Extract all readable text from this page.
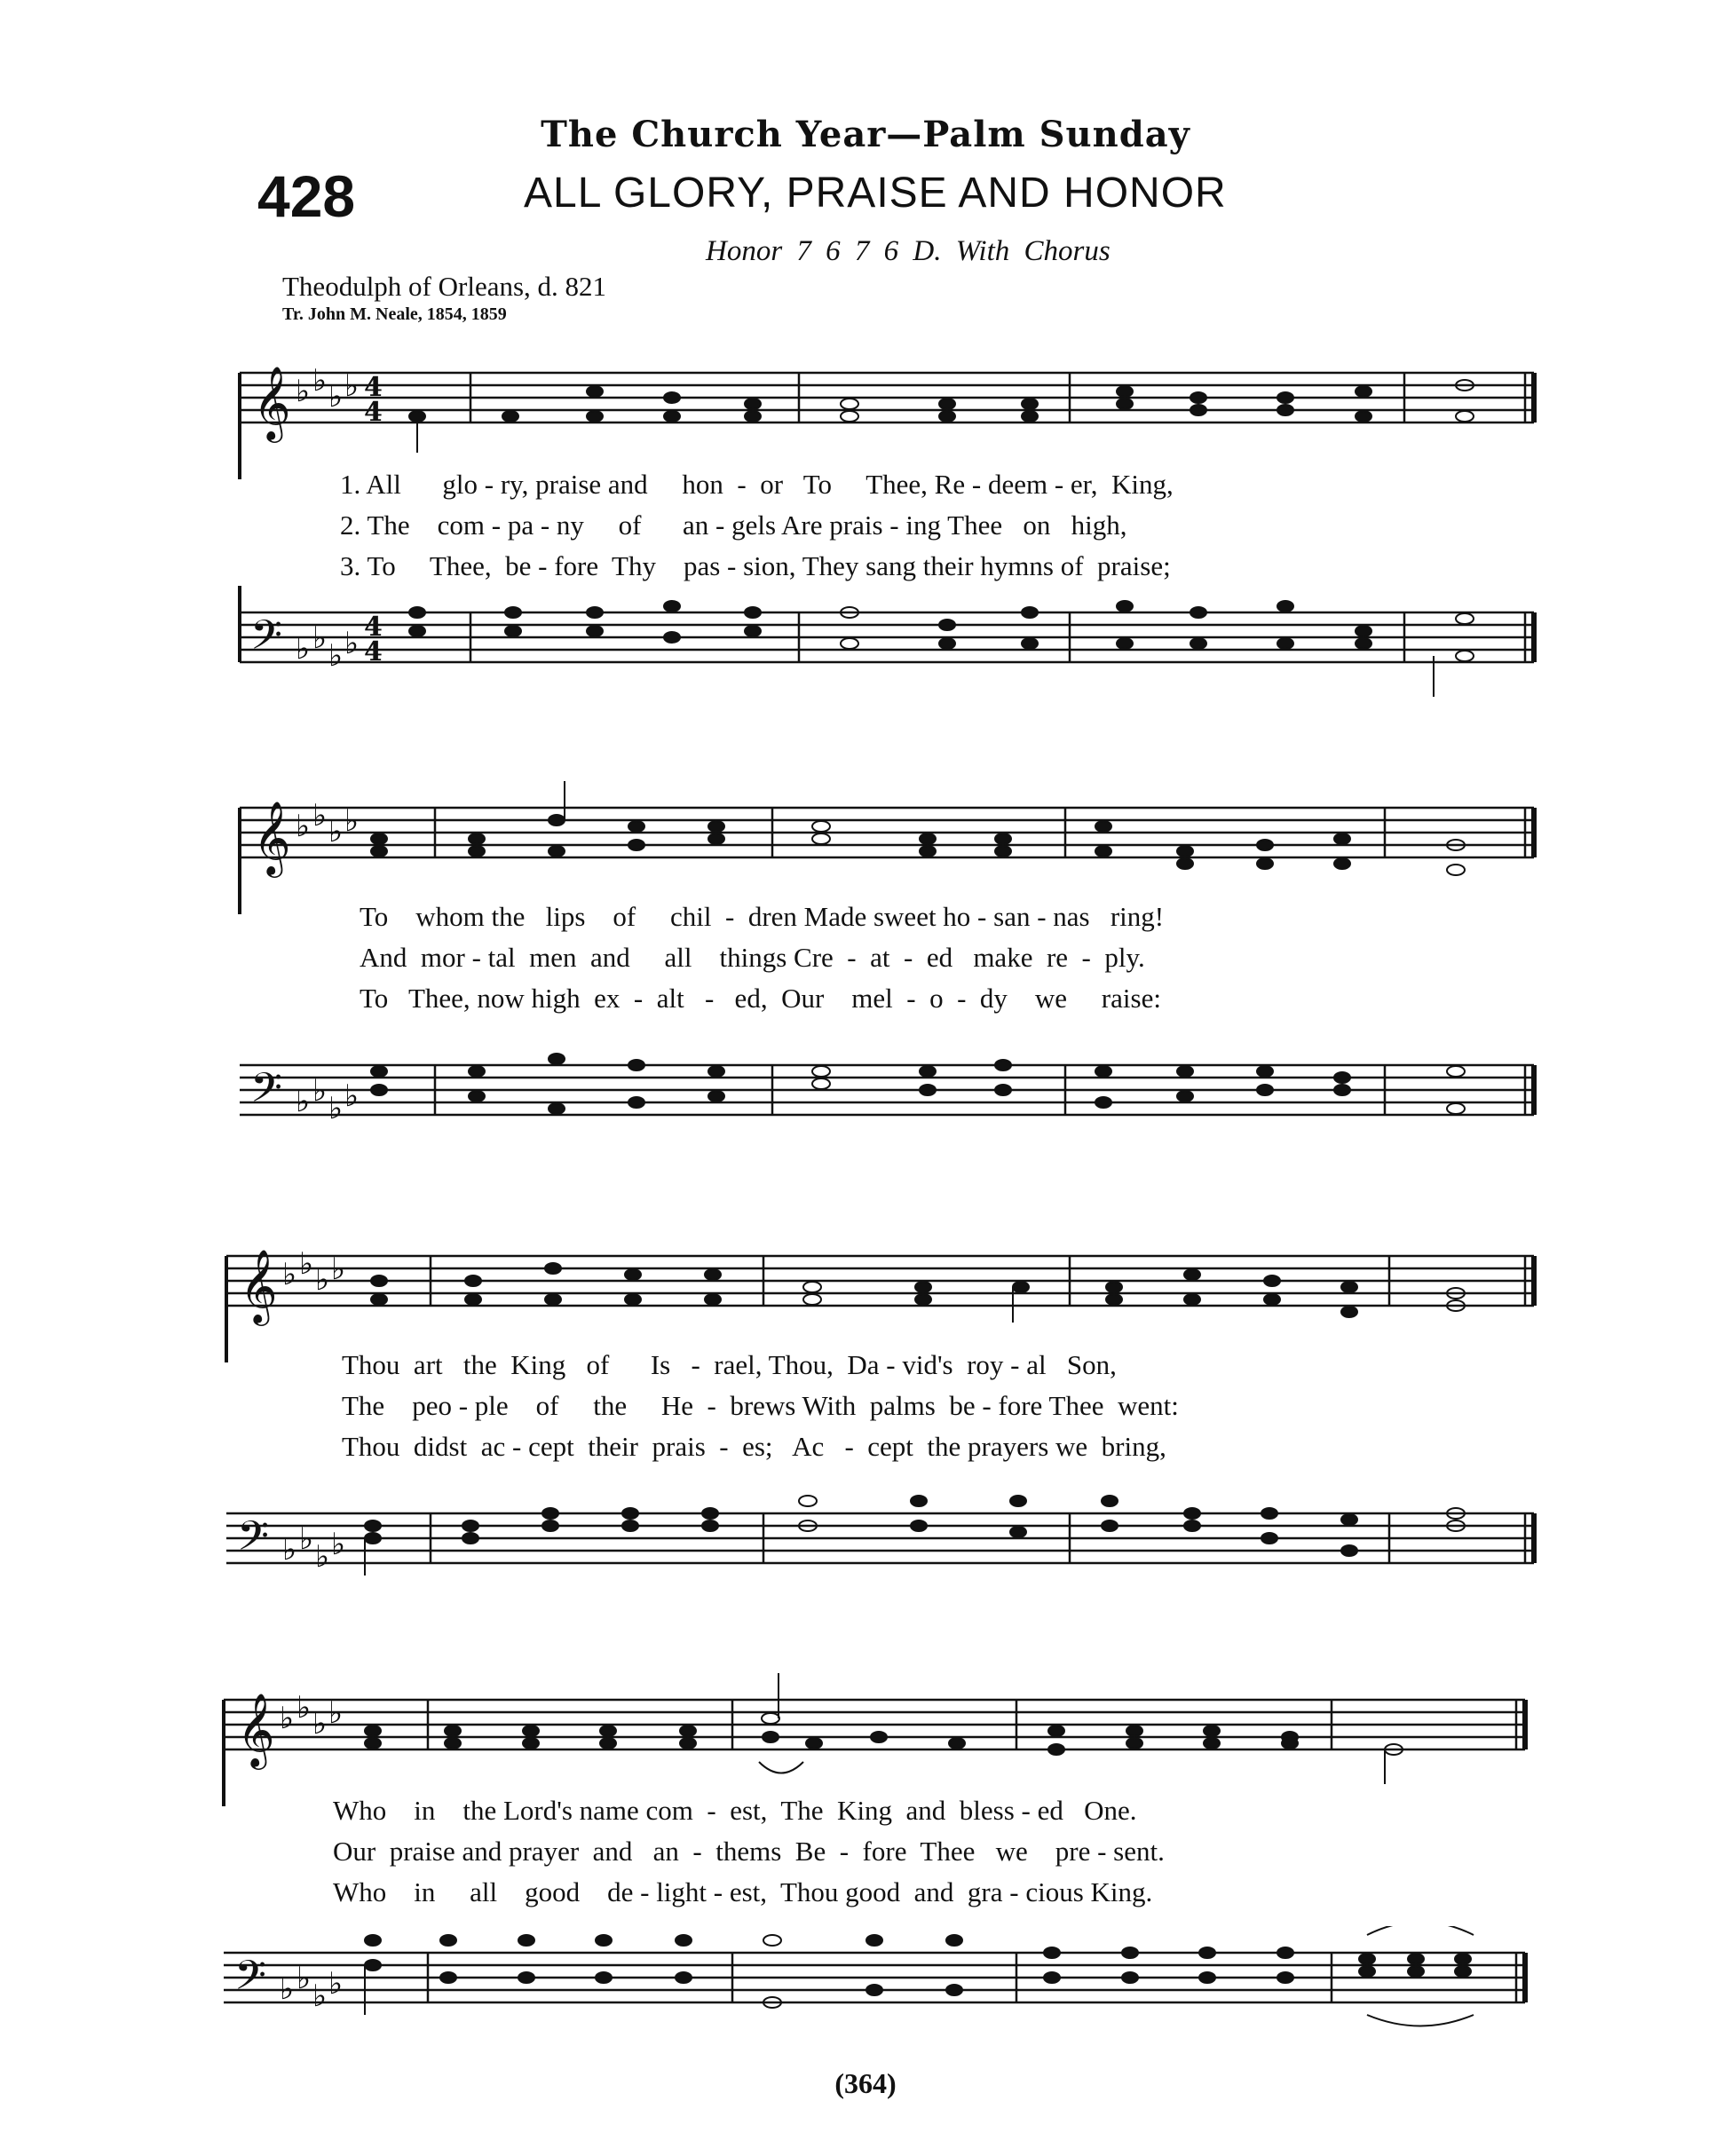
The Church Year—Palm Sunday
428	ALL GLORY, PRAISE AND HONOR
Honor 7 6 7 6 D. With Chorus
Theodulph of Orleans, d. 821
Tr. John M. Neale, 1854, 1859
𝄞 ♭ ♭ ♭ ♭ 4
4
1. All      glo - ry, praise and     hon  -  or   To     Thee, Re - deem - er,  King,
2. The    com - pa - ny     of      an - gels Are prais - ing Thee   on   high,
3. To     Thee,  be - fore  Thy    pas - sion, They sang their hymns of  praise;
𝄢 ♭ ♭ ♭ ♭ 4
4
𝄞 ♭ ♭ ♭ ♭
To    whom the   lips    of     chil  -  dren Made sweet ho - san - nas   ring!
And  mor - tal  men  and     all    things Cre  -  at  -  ed   make  re  -  ply.
To   Thee, now high  ex  -  alt   -   ed,  Our    mel  -  o  -  dy    we     raise:
𝄢 ♭ ♭ ♭ ♭
𝄞 ♭ ♭ ♭ ♭
Thou  art   the  King   of      Is   -  rael, Thou,  Da - vid's  roy - al   Son,
The    peo - ple    of     the     He  -  brews With  palms  be - fore Thee  went:
Thou  didst  ac - cept  their  prais  -  es;   Ac   -  cept  the prayers we  bring,
𝄢 ♭ ♭ ♭ ♭
𝄞 ♭ ♭ ♭ ♭
Who    in    the Lord's name com  -  est,  The  King  and  bless - ed   One.
Our  praise and prayer  and   an  -  thems  Be  -  fore  Thee   we    pre - sent.
Who    in     all    good    de - light - est,  Thou good  and  gra - cious King.
𝄢 ♭ ♭ ♭ ♭
(364)
